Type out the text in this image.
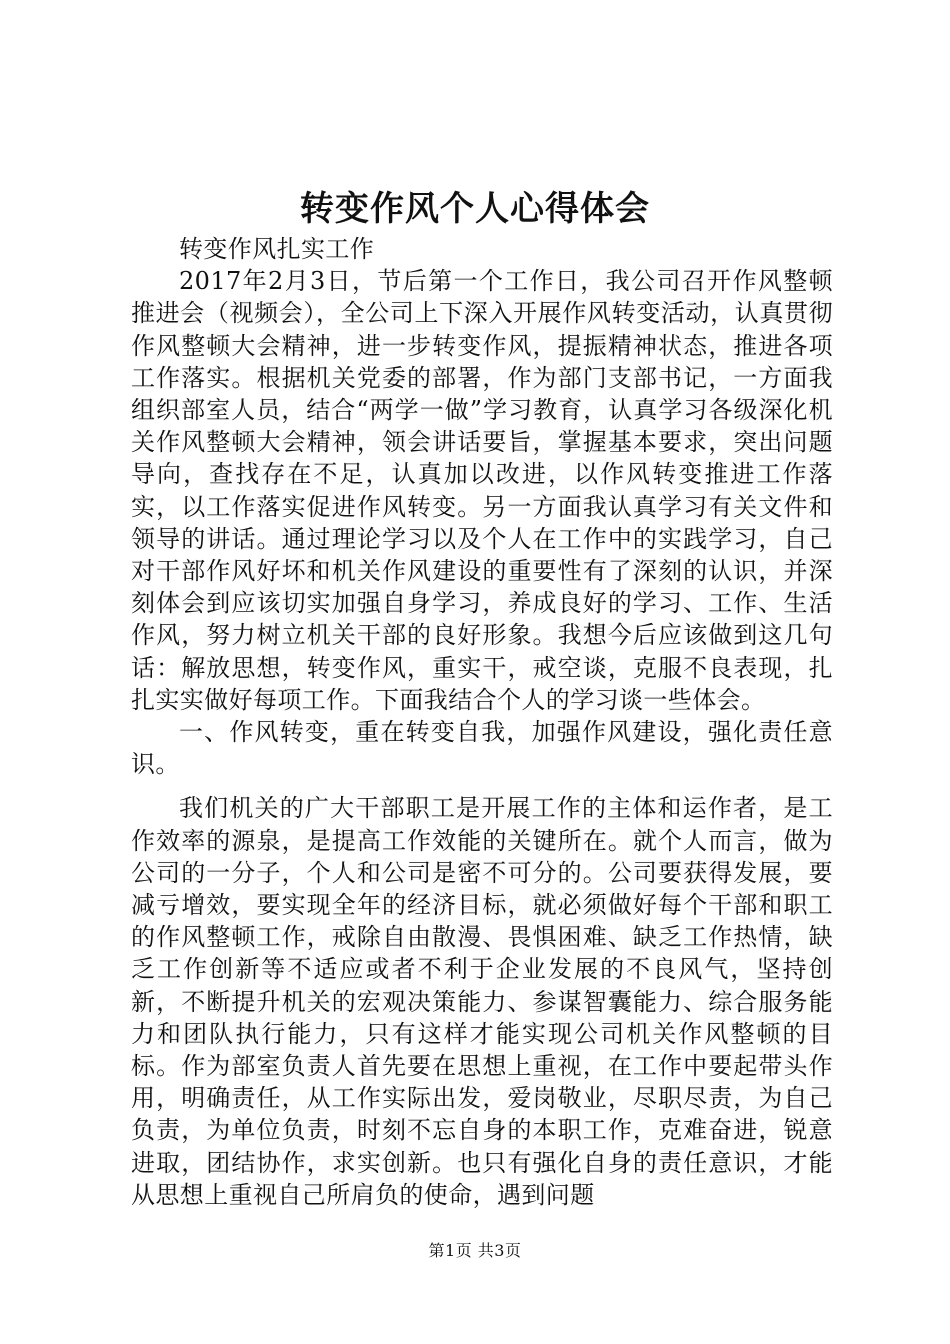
转变作风个人心得体会

转变作风扎实工作

2017年2月3日，节后第一个工作日，我公司召开作风整顿推进会（视频会），全公司上下深入开展作风转变活动，认真贯彻作风整顿大会精神，进一步转变作风，提振精神状态，推进各项工作落实。根据机关党委的部署，作为部门支部书记，一方面我组织部室人员，结合“两学一做”学习教育，认真学习各级深化机关作风整顿大会精神，领会讲话要旨，掌握基本要求，突出问题导向，查找存在不足，认真加以改进，以作风转变推进工作落实，以工作落实促进作风转变。另一方面我认真学习有关文件和领导的讲话。通过理论学习以及个人在工作中的实践学习，自己对干部作风好坏和机关作风建设的重要性有了深刻的认识，并深刻体会到应该切实加强自身学习，养成良好的学习、工作、生活作风，努力树立机关干部的良好形象。我想今后应该做到这几句话：解放思想，转变作风，重实干，戒空谈，克服不良表现，扎扎实实做好每项工作。下面我结合个人的学习谈一些体会。

一、作风转变，重在转变自我，加强作风建设，强化责任意识。

我们机关的广大干部职工是开展工作的主体和运作者，是工作效率的源泉，是提高工作效能的关键所在。就个人而言，做为公司的一分子，个人和公司是密不可分的。公司要获得发展，要减亏增效，要实现全年的经济目标，就必须做好每个干部和职工的作风整顿工作，戒除自由散漫、畏惧困难、缺乏工作热情，缺乏工作创新等不适应或者不利于企业发展的不良风气，坚持创新，不断提升机关的宏观决策能力、参谋智囊能力、综合服务能力和团队执行能力，只有这样才能实现公司机关作风整顿的目标。作为部室负责人首先要在思想上重视，在工作中要起带头作用，明确责任，从工作实际出发，爱岗敬业，尽职尽责，为自己负责，为单位负责，时刻不忘自身的本职工作，克难奋进，锐意进取，团结协作，求实创新。也只有强化自身的责任意识，才能从思想上重视自己所肩负的使命，遇到问题

第1页 共3页
